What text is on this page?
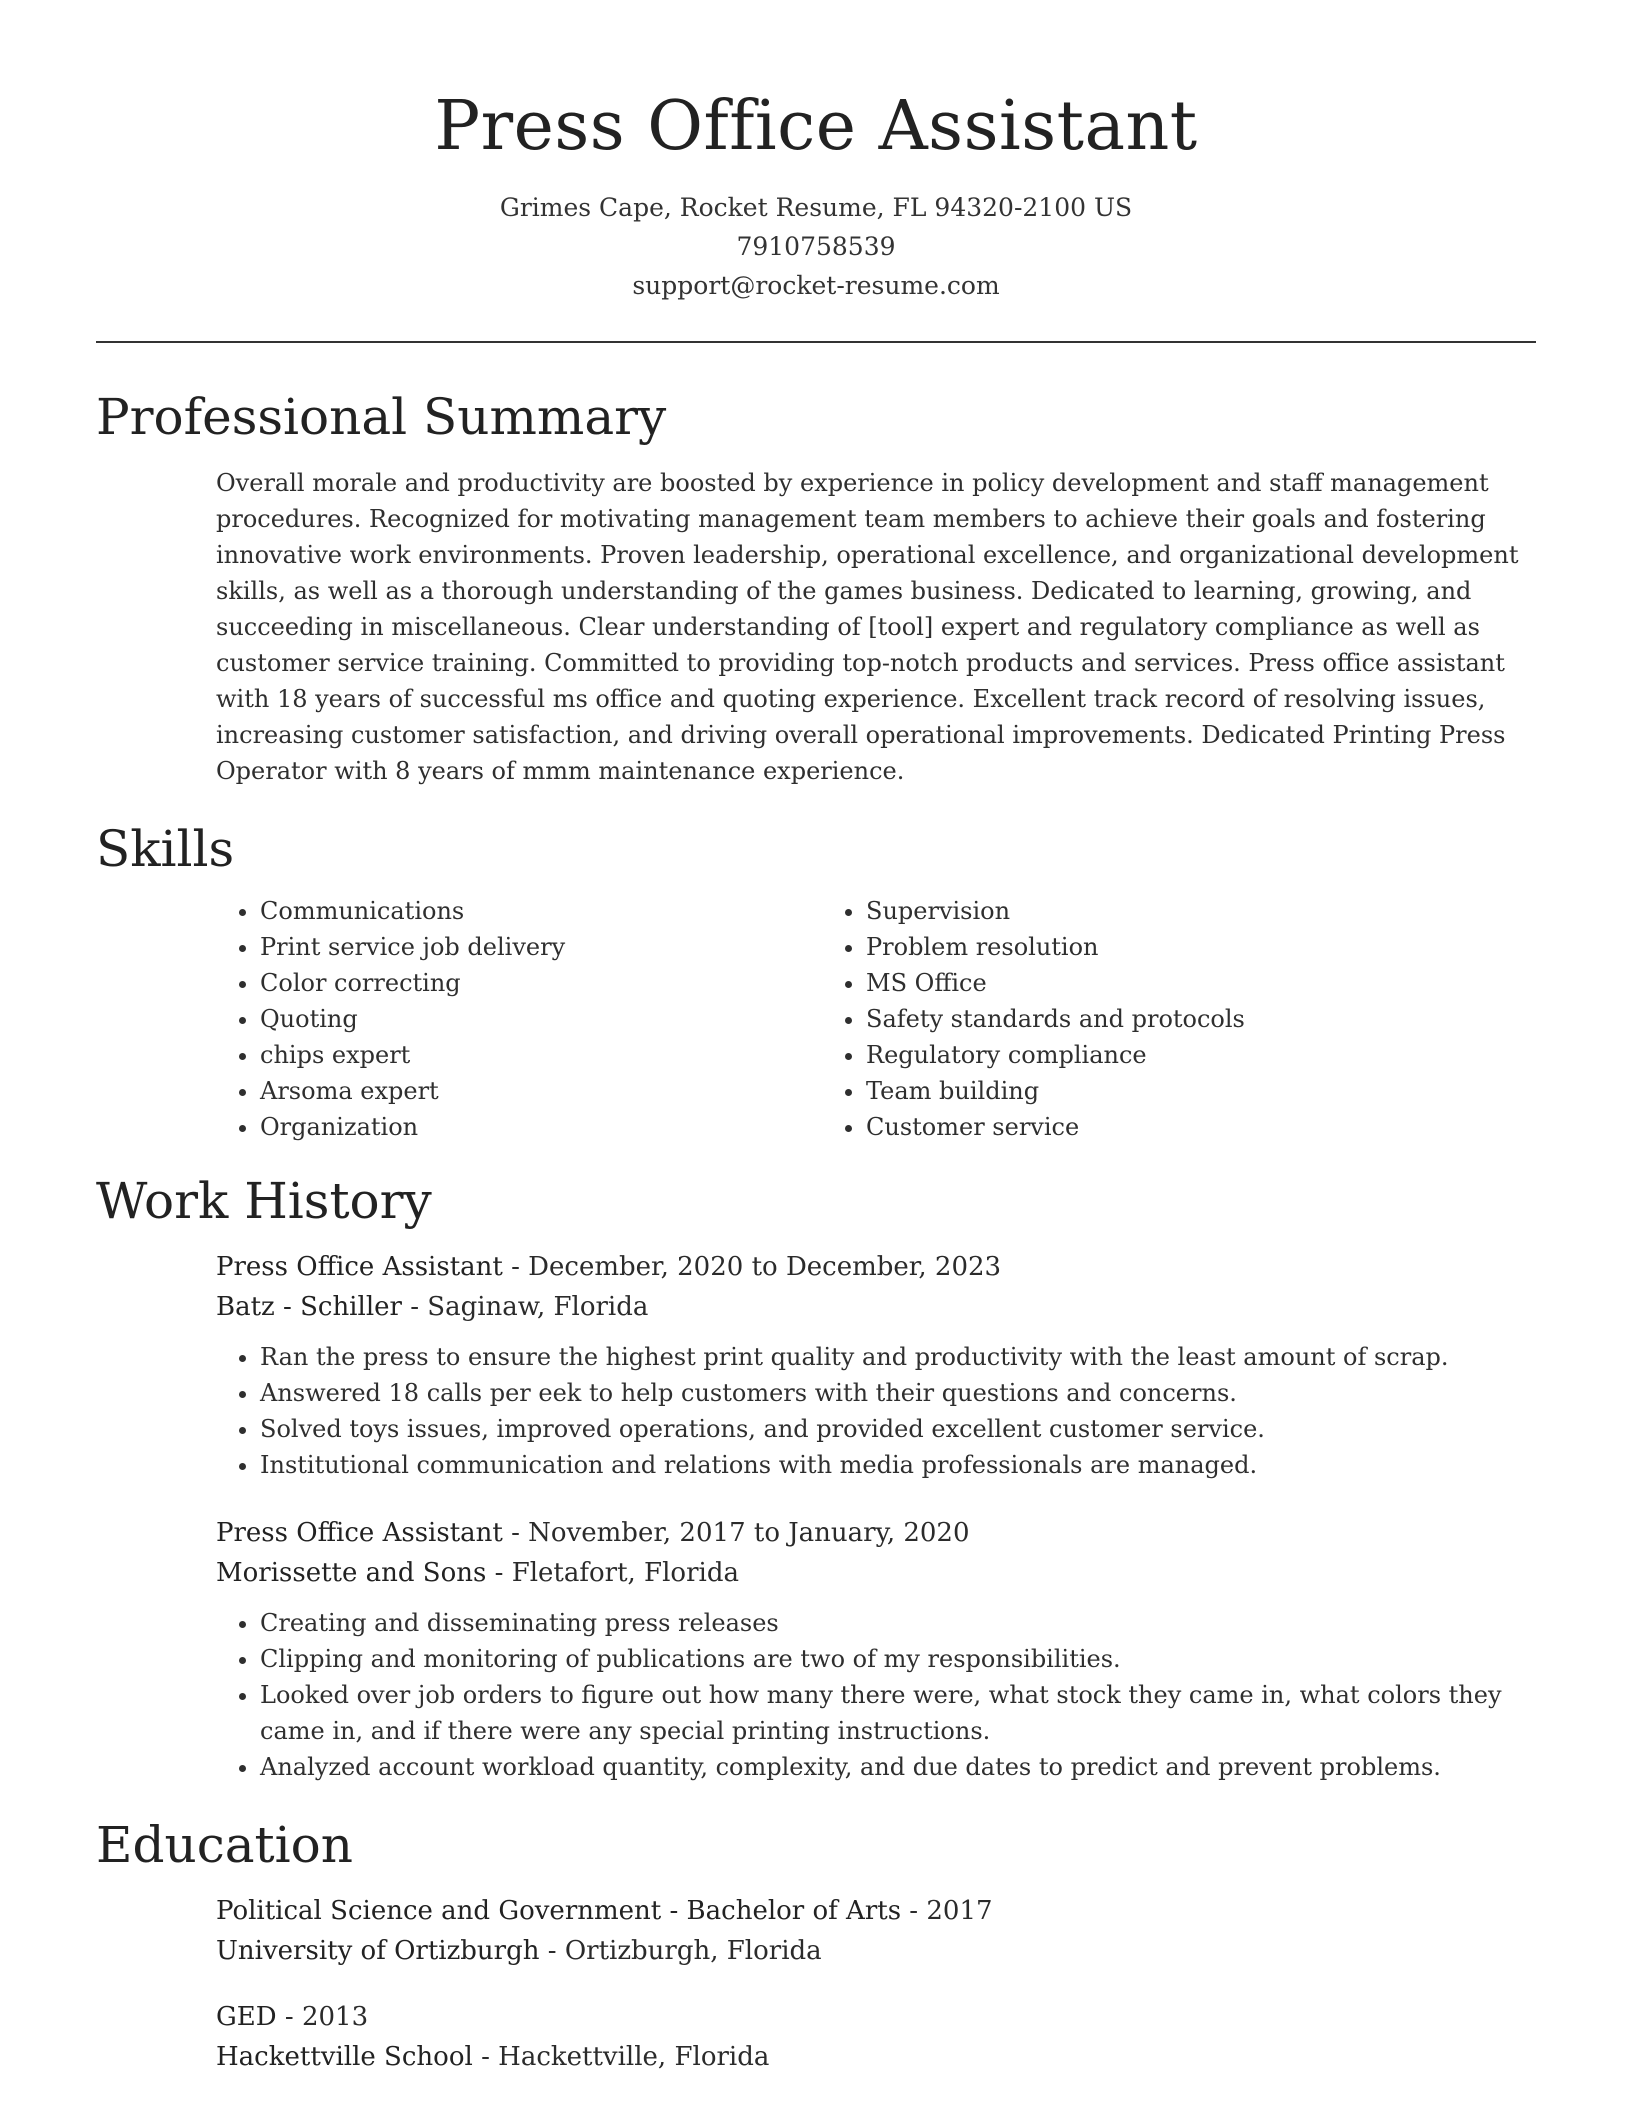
Press Office Assistant
Grimes Cape, Rocket Resume, FL 94320-2100 US
7910758539
support@rocket-resume.com
Professional Summary

Overall morale and productivity are boosted by experience in policy development and staff management procedures. Recognized for motivating management team members to achieve their goals and fostering innovative work environments. Proven leadership, operational excellence, and organizational development skills, as well as a thorough understanding of the games business. Dedicated to learning, growing, and succeeding in miscellaneous. Clear understanding of [tool] expert and regulatory compliance as well as customer service training. Committed to providing top-notch products and services. Press office assistant with 18 years of successful ms office and quoting experience. Excellent track record of resolving issues, increasing customer satisfaction, and driving overall operational improvements. Dedicated Printing Press Operator with 8 years of mmm maintenance experience.

Skills
• Communications
• Print service job delivery
• Color correcting
• Quoting
• chips expert
• Arsoma expert
• Organization
• Supervision
• Problem resolution
• MS Office
• Safety standards and protocols
• Regulatory compliance
• Team building
• Customer service
Work History
Press Office Assistant - December, 2020 to December, 2023
Batz - Schiller - Saginaw, Florida
• Ran the press to ensure the highest print quality and productivity with the least amount of scrap.
• Answered 18 calls per eek to help customers with their questions and concerns.
• Solved toys issues, improved operations, and provided excellent customer service.
• Institutional communication and relations with media professionals are managed.
Press Office Assistant - November, 2017 to January, 2020
Morissette and Sons - Fletafort, Florida
• Creating and disseminating press releases
• Clipping and monitoring of publications are two of my responsibilities.
• Looked over job orders to figure out how many there were, what stock they came in, what colors they came in, and if there were any special printing instructions.
• Analyzed account workload quantity, complexity, and due dates to predict and prevent problems.
Education
Political Science and Government - Bachelor of Arts - 2017
University of Ortizburgh - Ortizburgh, Florida
GED - 2013
Hackettville School - Hackettville, Florida
